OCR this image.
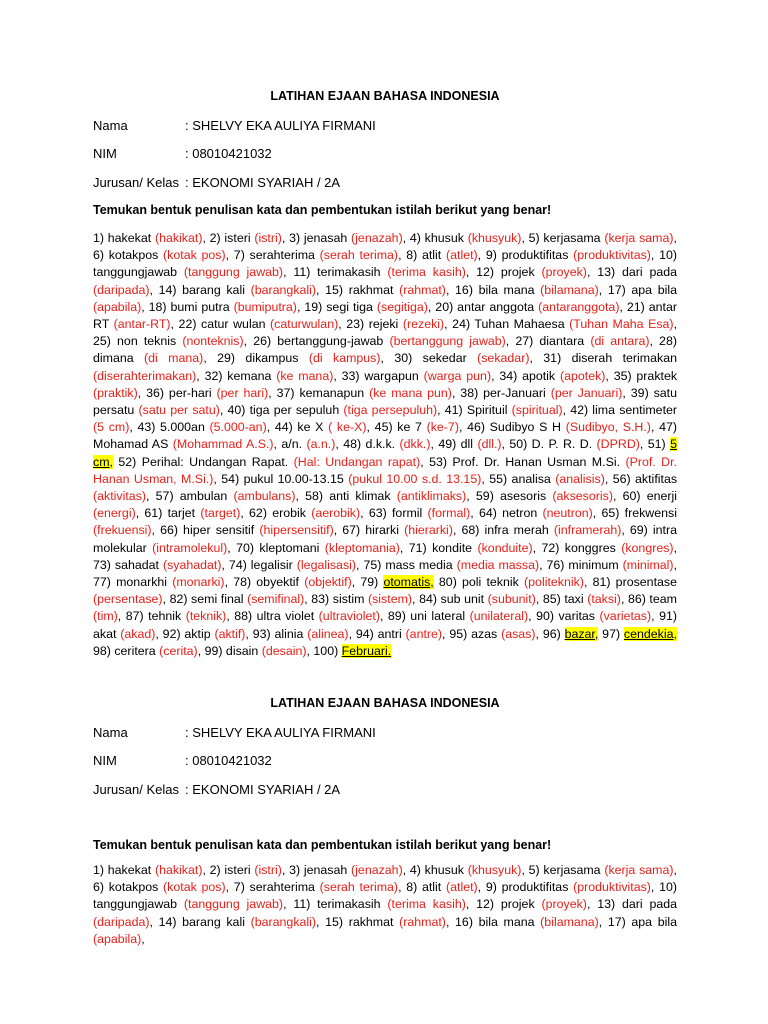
LATIHAN EJAAN BAHASA INDONESIA

Nama	: SHELVY EKA AULIYA FIRMANI
NIM	: 08010421032
Jurusan/ Kelas : EKONOMI SYARIAH / 2A

Temukan bentuk penulisan kata dan pembentukan istilah berikut yang benar!

1) hakekat (hakikat), 2) isteri (istri), 3) jenasah (jenazah), 4) khusuk (khusyuk), 5) kerjasama (kerja sama), 6) kotakpos (kotak pos), 7) serahterima (serah terima), 8) atlit (atlet), 9) produktifitas (produktivitas), 10) tanggungjawab (tanggung jawab), 11) terimakasih (terima kasih), 12) projek (proyek), 13) dari pada (daripada), 14) barang kali (barangkali), 15) rakhmat (rahmat), 16) bila mana (bilamana), 17) apa bila (apabila), 18) bumi putra (bumiputra), 19) segi tiga (segitiga), 20) antar anggota (antaranggota), 21) antar RT (antar-RT), 22) catur wulan (caturwulan), 23) rejeki (rezeki), 24) Tuhan Mahaesa (Tuhan Maha Esa), 25) non teknis (nonteknis), 26) bertanggung-jawab (bertanggung jawab), 27) diantara (di antara), 28) dimana (di mana), 29) dikampus (di kampus), 30) sekedar (sekadar), 31) diserah terimakan (diserahterimakan), 32) kemana (ke mana), 33) wargapun (warga pun), 34) apotik (apotek), 35) praktek (praktik), 36) per-hari (per hari), 37) kemanapun (ke mana pun), 38) per-Januari (per Januari), 39) satu persatu (satu per satu), 40) tiga per sepuluh (tiga persepuluh), 41) Spirituil (spiritual), 42) lima sentimeter (5 cm), 43) 5.000an (5.000-an), 44) ke X ( ke-X), 45) ke 7 (ke-7), 46) Sudibyo S H (Sudibyo, S.H.), 47) Mohamad AS (Mohammad A.S.), a/n. (a.n.), 48) d.k.k. (dkk.), 49) dll (dll.), 50) D. P. R. D. (DPRD), 51) 5 cm, 52) Perihal: Undangan Rapat. (Hal: Undangan rapat), 53) Prof. Dr. Hanan Usman M.Si. (Prof. Dr. Hanan Usman, M.Si.), 54) pukul 10.00-13.15 (pukul 10.00 s.d. 13.15), 55) analisa (analisis), 56) aktifitas (aktivitas), 57) ambulan (ambulans), 58) anti klimak (antiklimaks), 59) asesoris (aksesoris), 60) enerji (energi), 61) tarjet (target), 62) erobik (aerobik), 63) formil (formal), 64) netron (neutron), 65) frekwensi (frekuensi), 66) hiper sensitif (hipersensitif), 67) hirarki (hierarki), 68) infra merah (inframerah), 69) intra molekular (intramolekul), 70) kleptomani (kleptomania), 71) kondite (konduite), 72) konggres (kongres), 73) sahadat (syahadat), 74) legalisir (legalisasi), 75) mass media (media massa), 76) minimum (minimal), 77) monarkhi (monarki), 78) obyektif (objektif), 79) otomatis, 80) poli teknik (politeknik), 81) prosentase (persentase), 82) semi final (semifinal), 83) sistim (sistem), 84) sub unit (subunit), 85) taxi (taksi), 86) team (tim), 87) tehnik (teknik), 88) ultra violet (ultraviolet), 89) uni lateral (unilateral), 90) varitas (varietas), 91) akat (akad), 92) aktip (aktif), 93) alinia (alinea), 94) antri (antre), 95) azas (asas), 96) bazar, 97) cendekia, 98) ceritera (cerita), 99) disain (desain), 100) Februari.

LATIHAN EJAAN BAHASA INDONESIA

Nama	: SHELVY EKA AULIYA FIRMANI
NIM	: 08010421032
Jurusan/ Kelas : EKONOMI SYARIAH / 2A

Temukan bentuk penulisan kata dan pembentukan istilah berikut yang benar!

1) hakekat (hakikat), 2) isteri (istri), 3) jenasah (jenazah), 4) khusuk (khusyuk), 5) kerjasama (kerja sama), 6) kotakpos (kotak pos), 7) serahterima (serah terima), 8) atlit (atlet), 9) produktifitas (produktivitas), 10) tanggungjawab (tanggung jawab), 11) terimakasih (terima kasih), 12) projek (proyek), 13) dari pada (daripada), 14) barang kali (barangkali), 15) rakhmat (rahmat), 16) bila mana (bilamana), 17) apa bila (apabila),
